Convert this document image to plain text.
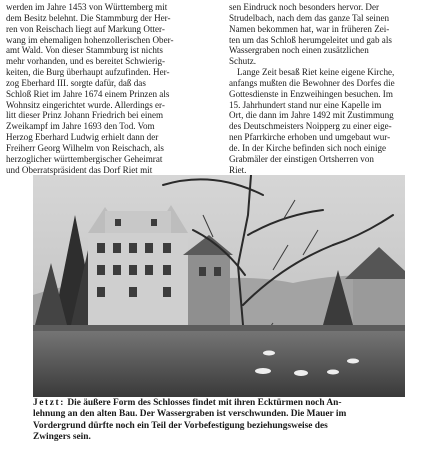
werden im Jahre 1453 von Württemberg mit
dem Besitz belehnt. Die Stammburg der Her-
ren von Reischach liegt auf Markung Otter-
wang im ehemaligen hohenzollerischen Ober-
amt Wald. Von dieser Stammburg ist nichts
mehr vorhanden, und es bereitet Schwierig-
keiten, die Burg überhaupt aufzufinden. Her-
zog Eberhard III. sorgte dafür, daß das
Schloß Riet im Jahre 1674 einem Prinzen als
Wohnsitz eingerichtet wurde. Allerdings er-
litt dieser Prinz Johann Friedrich bei einem
Zweikampf im Jahre 1693 den Tod. Vom
Herzog Eberhard Ludwig erhielt dann der
Freiherr Georg Wilhelm von Reischach, als
herzoglicher württembergischer Geheimrat
und Oberratspräsident das Dorf Riet mit
sen Eindruck noch besonders hervor. Der
Strudelbach, nach dem das ganze Tal seinen
Namen bekommen hat, war in früheren Zei-
ten um das Schloß herumgeleitet und gab als
Wassergraben noch einen zusätzlichen
Schutz.
Lange Zeit besaß Riet keine eigene Kirche,
anfangs mußten die Bewohner des Dorfes die
Gottesdienste in Enzweihingen besuchen. Im
15. Jahrhundert stand nur eine Kapelle im
Ort, die dann im Jahre 1492 mit Zustimmung
des Deutschmeisters Noipperg zu einer eige-
nen Pfarrkirche erhoben und umgebaut wur-
de. In der Kirche befinden sich noch einige
Grabmäler der einstigen Ortsherren von
Riet.
Jetzt: Die äußere Form des Schlosses findet mit ihren Ecktürmen noch An-
lehnung an den alten Bau. Der Wassergraben ist verschwunden. Die Mauer im
Vordergrund dürfte noch ein Teil der Vorbefestigung beziehungsweise des
Zwingers sein.
